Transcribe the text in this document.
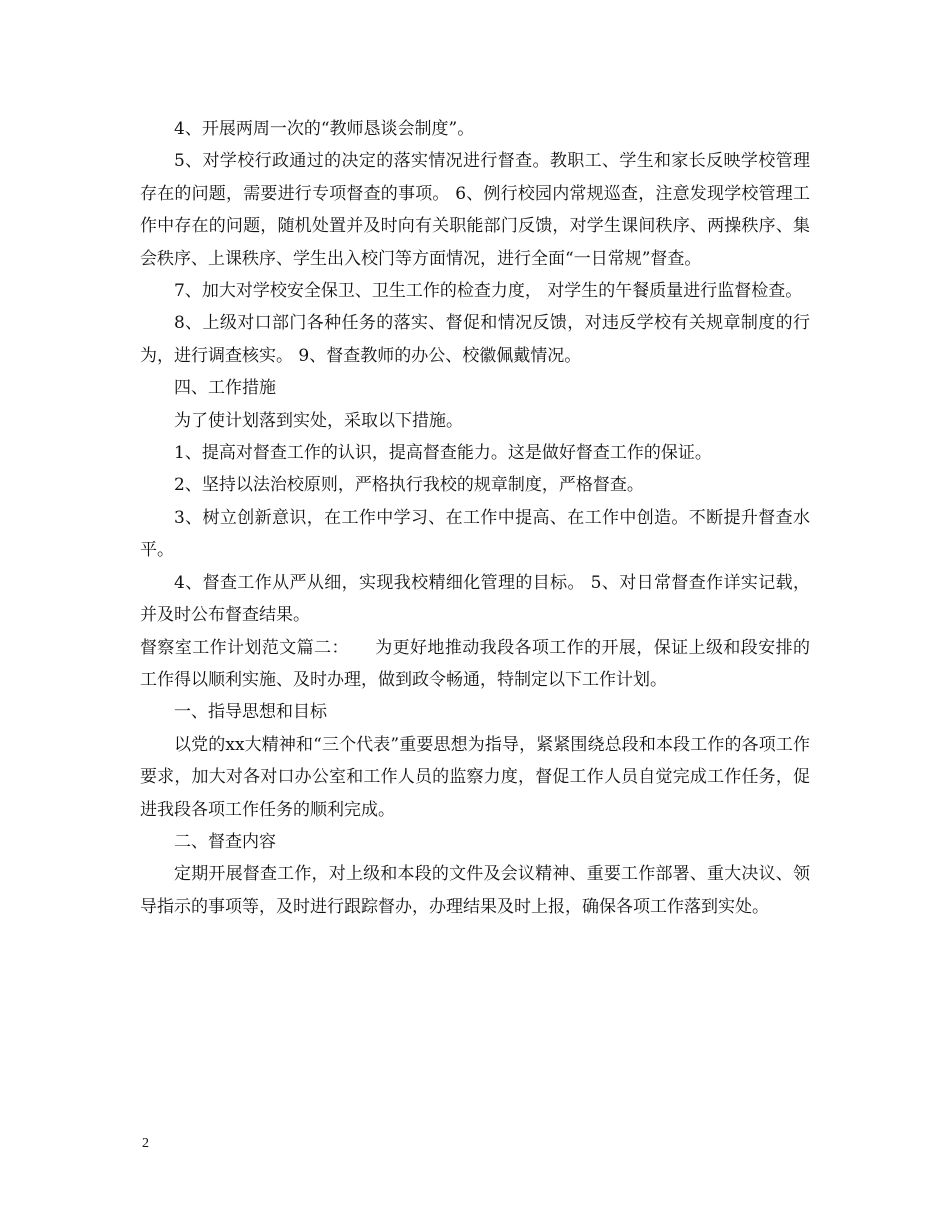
4、开展两周一次的“教师恳谈会制度”。

5、对学校行政通过的决定的落实情况进行督查。教职工、学生和家长反映学校管理存在的问题，需要进行专项督查的事项。 6、例行校园内常规巡查，注意发现学校管理工作中存在的问题，随机处置并及时向有关职能部门反馈，对学生课间秩序、两操秩序、集会秩序、上课秩序、学生出入校门等方面情况，进行全面“一日常规”督查。

7、加大对学校安全保卫、卫生工作的检查力度， 对学生的午餐质量进行监督检查。

8、上级对口部门各种任务的落实、督促和情况反馈，对违反学校有关规章制度的行为，进行调查核实。 9、督查教师的办公、校徽佩戴情况。

四、工作措施

为了使计划落到实处，采取以下措施。

1、提高对督查工作的认识，提高督查能力。这是做好督查工作的保证。

2、坚持以法治校原则，严格执行我校的规章制度，严格督查。

3、树立创新意识，在工作中学习、在工作中提高、在工作中创造。不断提升督查水平。

4、督查工作从严从细，实现我校精细化管理的目标。 5、对日常督查作详实记载，并及时公布督查结果。

督察室工作计划范文篇二：　　为更好地推动我段各项工作的开展，保证上级和段安排的工作得以顺利实施、及时办理，做到政令畅通，特制定以下工作计划。

一、指导思想和目标

以党的xx大精神和“三个代表”重要思想为指导，紧紧围绕总段和本段工作的各项工作要求，加大对各对口办公室和工作人员的监察力度，督促工作人员自觉完成工作任务，促进我段各项工作任务的顺利完成。

二、督查内容

定期开展督查工作，对上级和本段的文件及会议精神、重要工作部署、重大决议、领导指示的事项等，及时进行跟踪督办，办理结果及时上报，确保各项工作落到实处。

2
